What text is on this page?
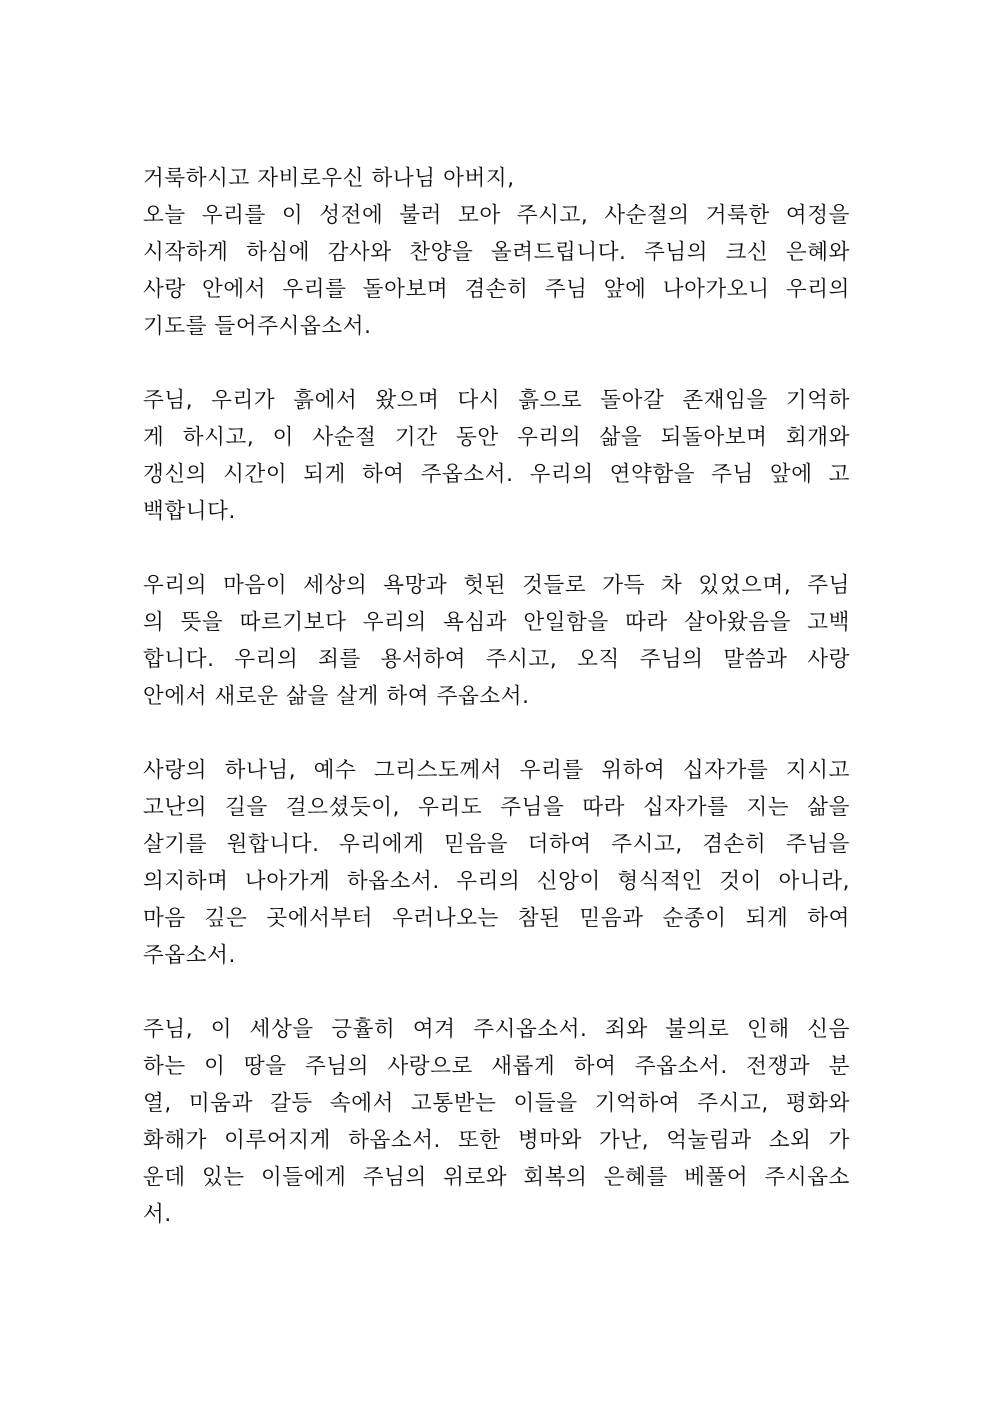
거룩하시고 자비로우신 하나님 아버지,
오늘 우리를 이 성전에 불러 모아 주시고, 사순절의 거룩한 여정을
시작하게 하심에 감사와 찬양을 올려드립니다. 주님의 크신 은혜와
사랑 안에서 우리를 돌아보며 겸손히 주님 앞에 나아가오니 우리의
기도를 들어주시옵소서.
주님, 우리가 흙에서 왔으며 다시 흙으로 돌아갈 존재임을 기억하
게 하시고, 이 사순절 기간 동안 우리의 삶을 되돌아보며 회개와
갱신의 시간이 되게 하여 주옵소서. 우리의 연약함을 주님 앞에 고
백합니다.
우리의 마음이 세상의 욕망과 헛된 것들로 가득 차 있었으며, 주님
의 뜻을 따르기보다 우리의 욕심과 안일함을 따라 살아왔음을 고백
합니다. 우리의 죄를 용서하여 주시고, 오직 주님의 말씀과 사랑
안에서 새로운 삶을 살게 하여 주옵소서.
사랑의 하나님, 예수 그리스도께서 우리를 위하여 십자가를 지시고
고난의 길을 걸으셨듯이, 우리도 주님을 따라 십자가를 지는 삶을
살기를 원합니다. 우리에게 믿음을 더하여 주시고, 겸손히 주님을
의지하며 나아가게 하옵소서. 우리의 신앙이 형식적인 것이 아니라,
마음 깊은 곳에서부터 우러나오는 참된 믿음과 순종이 되게 하여
주옵소서.
주님, 이 세상을 긍휼히 여겨 주시옵소서. 죄와 불의로 인해 신음
하는 이 땅을 주님의 사랑으로 새롭게 하여 주옵소서. 전쟁과 분
열, 미움과 갈등 속에서 고통받는 이들을 기억하여 주시고, 평화와
화해가 이루어지게 하옵소서. 또한 병마와 가난, 억눌림과 소외 가
운데 있는 이들에게 주님의 위로와 회복의 은혜를 베풀어 주시옵소
서.
